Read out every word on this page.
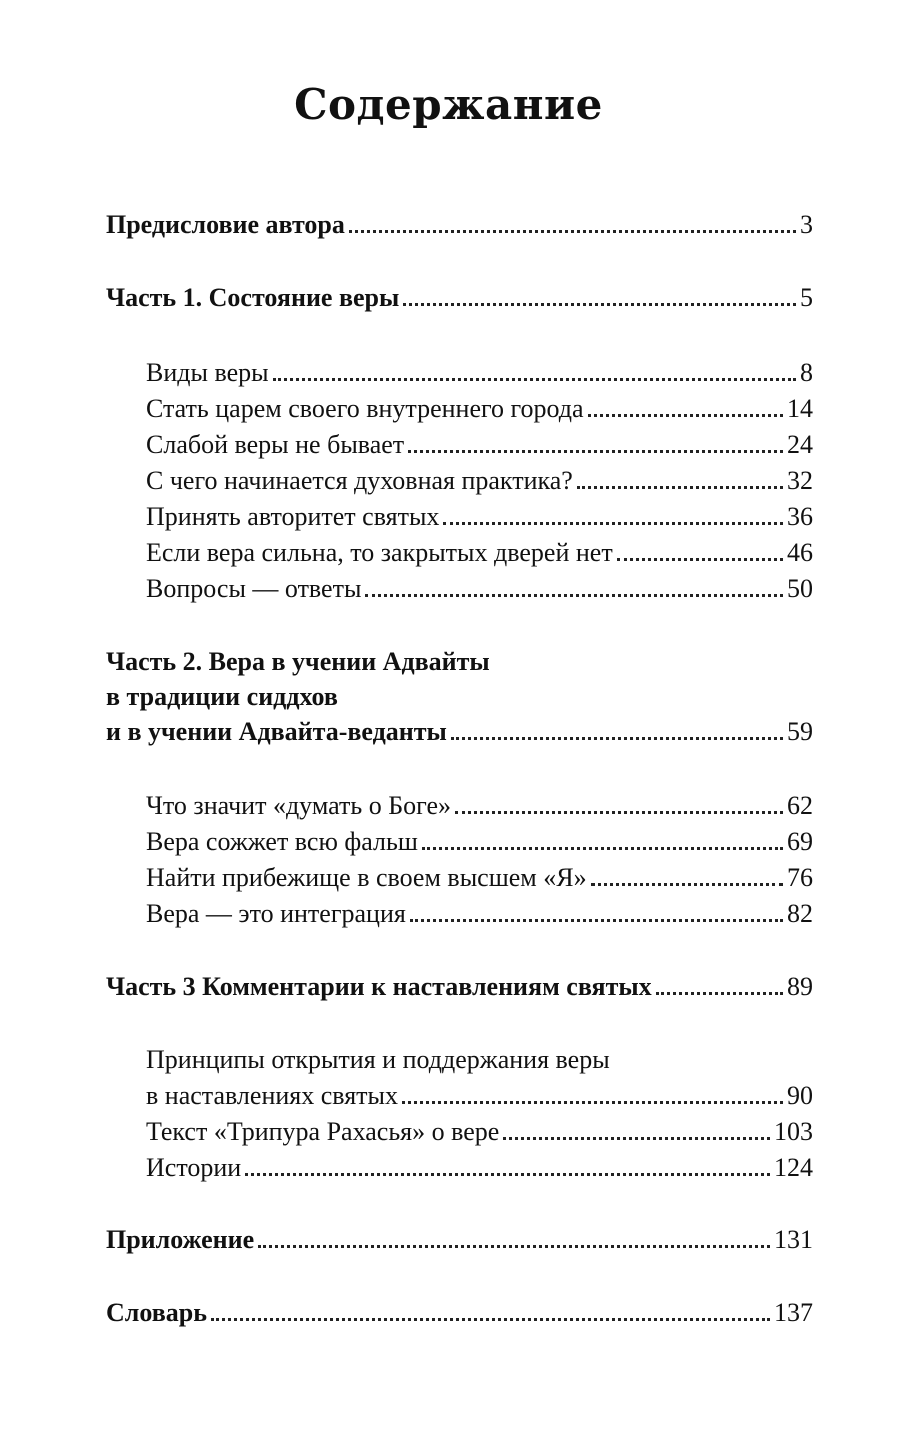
Содержание
Предисловие автора	3
Часть 1. Состояние веры	5
Виды веры	8
Стать царем своего внутреннего города	14
Слабой веры не бывает	24
С чего начинается духовная практика?	32
Принять авторитет святых	36
Если вера сильна, то закрытых дверей нет	46
Вопросы — ответы	50
Часть 2. Вера в учении Адвайты
в традиции сиддхов
и в учении Адвайта-веданты	59
Что значит «думать о Боге»	62
Вера сожжет всю фальш	69
Найти прибежище в своем высшем «Я»	76
Вера — это интеграция	82
Часть 3 Комментарии к наставлениям святых	89
Принципы открытия и поддержания веры
в наставлениях святых	90
Текст «Трипура Рахасья» о вере	103
Истории	124
Приложение	131
Словарь	137
